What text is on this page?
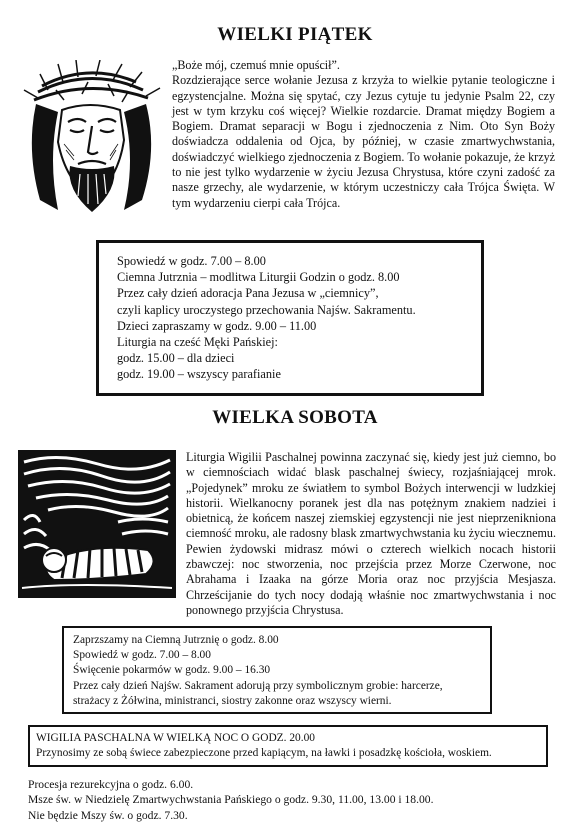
WIELKI PIĄTEK

„Boże mój, czemuś mnie opuścił”.

Rozdzierające serce wołanie Jezusa z krzyża to wielkie pytanie teologiczne i egzystencjalne. Można się spytać, czy Jezus cytuje tu jedynie Psalm 22, czy jest w tym krzyku coś więcej? Wielkie rozdarcie. Dramat między Bogiem a Bogiem. Dramat separacji w Bogu i zjednoczenia z Nim. Oto Syn Boży doświadcza oddalenia od Ojca, by później, w czasie zmartwychwstania, doświadczyć wielkiego zjednoczenia z Bogiem. To wołanie pokazuje, że krzyż to nie jest tylko wydarzenie w życiu Jezusa Chrystusa, które czyni zadość za nasze grzechy, ale wydarzenie, w którym uczestniczy cała Trójca Święta. W tym wydarzeniu cierpi cała Trójca.

Spowiedź w godz. 7.00 – 8.00
Ciemna Jutrznia – modlitwa Liturgii Godzin o godz. 8.00
Przez cały dzień adoracja Pana Jezusa w „ciemnicy”,
czyli kaplicy uroczystego przechowania Najśw. Sakramentu.
Dzieci zapraszamy w godz. 9.00 – 11.00
Liturgia na cześć Męki Pańskiej:
godz. 15.00 – dla dzieci
godz. 19.00 – wszyscy parafianie
WIELKA SOBOTA

Liturgia Wigilii Paschalnej powinna zaczynać się, kiedy jest już ciemno, bo w ciemnościach widać blask paschalnej świecy, rozjaśniającej mrok. „Pojedynek” mroku ze światłem to symbol Bożych interwencji w ludzkiej historii. Wielkanocny poranek jest dla nas potężnym znakiem nadziei i obietnicą, że końcem naszej ziemskiej egzystencji nie jest nieprzenikniona ciemność mroku, ale radosny blask zmartwychwstania ku życiu wiecznemu. Pewien żydowski midrasz mówi o czterech wielkich nocach historii zbawczej: noc stworzenia, noc przejścia przez Morze Czerwone, noc Abrahama i Izaaka na górze Moria oraz noc przyjścia Mesjasza. Chrześcijanie do tych nocy dodają właśnie noc zmartwychwstania i noc ponownego przyjścia Chrystusa.

Zaprzszamy na Ciemną Jutrznię o godz. 8.00
Spowiedź w godz. 7.00 – 8.00
Święcenie pokarmów w godz. 9.00 – 16.30
Przez cały dzień Najśw. Sakrament adorują przy symbolicznym grobie: harcerze,
strażacy z Żółwina, ministranci, siostry zakonne oraz wszyscy wierni.
WIGILIA PASCHALNA W WIELKĄ NOC O GODZ. 20.00
Przynosimy ze sobą świece zabezpieczone przed kapiącym, na ławki i posadzkę kościoła, woskiem.
Procesja rezurekcyjna o godz. 6.00.
Msze św. w Niedzielę Zmartwychwstania Pańskiego o godz. 9.30, 11.00, 13.00 i 18.00.
Nie będzie Mszy św. o godz. 7.30.
